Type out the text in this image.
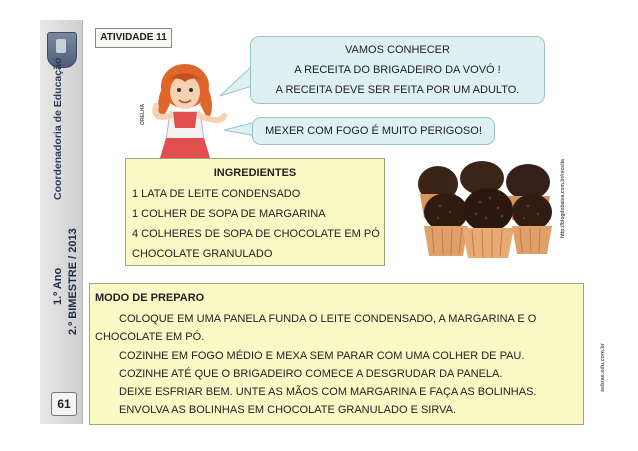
Coordenadoria de Educação
1.º Ano 2.º BIMESTRE / 2013
61
ATIVIDADE 11
ORELHA
VAMOS CONHECER
A RECEITA DO BRIGADEIRO DA VOVÓ !
A RECEITA DEVE SER FEITA POR UM ADULTO.
MEXER COM FOGO É MUITO PERIGOSO!
INGREDIENTES
1 LATA DE LEITE CONDENSADO
1 COLHER DE SOPA DE MARGARINA
4 COLHERES DE SOPA DE CHOCOLATE EM PÓ
CHOCOLATE GRANULADO
http://blogdobaixa.com.br/receita
MODO DE PREPARO
COLOQUE EM UMA PANELA FUNDA O LEITE CONDENSADO, A MARGARINA E O
CHOCOLATE EM PÓ.
COZINHE EM FOGO MÉDIO E MEXA SEM PARAR COM UMA COLHER DE PAU.
COZINHE ATÉ QUE O BRIGADEIRO COMECE A DESGRUDAR DA PANELA.
DEIXE ESFRIAR BEM. UNTE AS MÃOS COM MARGARINA E FAÇA AS BOLINHAS.
ENVOLVA AS BOLINHAS EM CHOCOLATE GRANULADO E SIRVA.
sebrae.edu.com.br
